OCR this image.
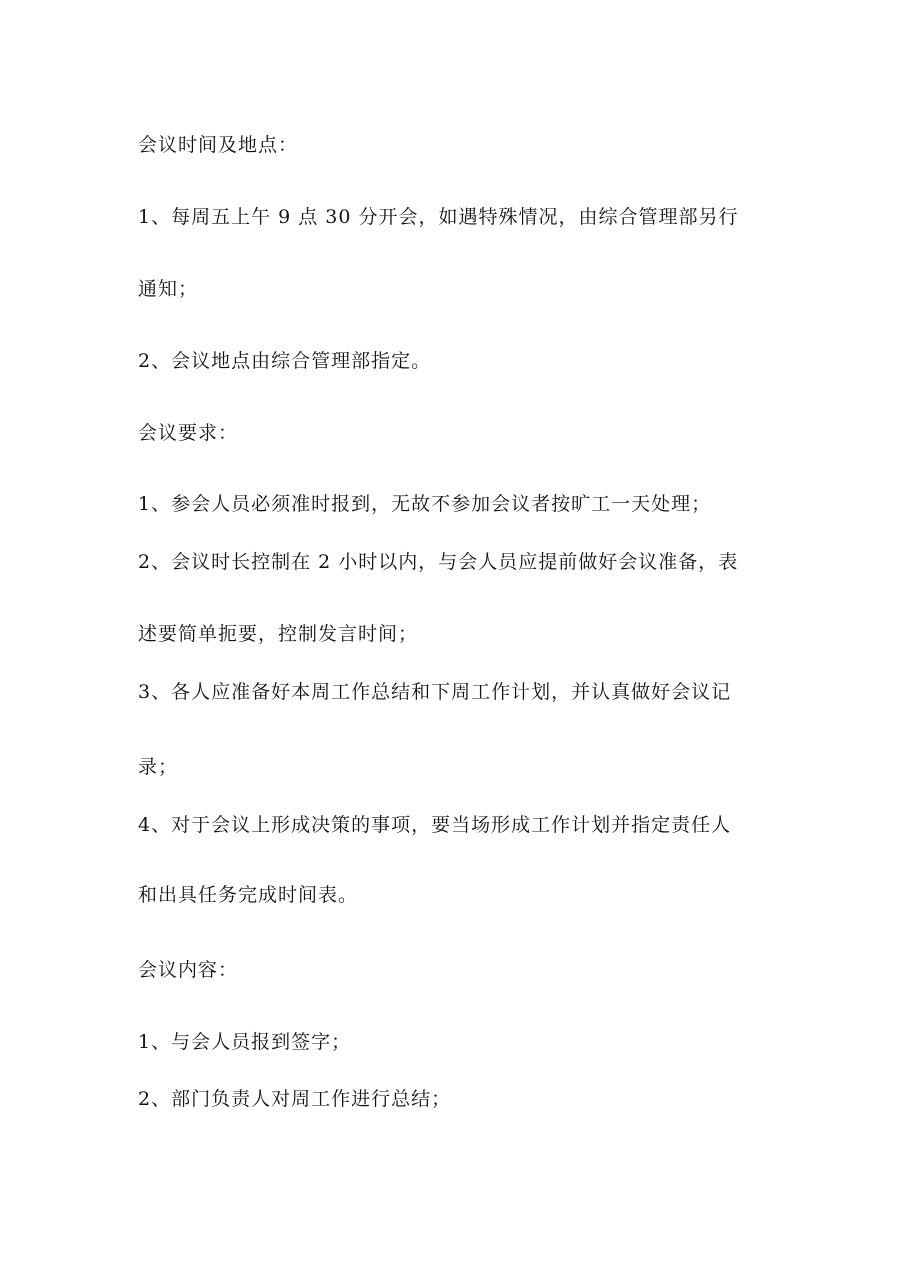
会议时间及地点：
1、每周五上午 9 点 30 分开会，如遇特殊情况，由综合管理部另行
通知；
2、会议地点由综合管理部指定。
会议要求：
1、参会人员必须准时报到，无故不参加会议者按旷工一天处理；
2、会议时长控制在 2 小时以内，与会人员应提前做好会议准备，表
述要简单扼要，控制发言时间；
3、各人应准备好本周工作总结和下周工作计划，并认真做好会议记
录；
4、对于会议上形成决策的事项，要当场形成工作计划并指定责任人
和出具任务完成时间表。
会议内容：
1、与会人员报到签字；
2、部门负责人对周工作进行总结；
